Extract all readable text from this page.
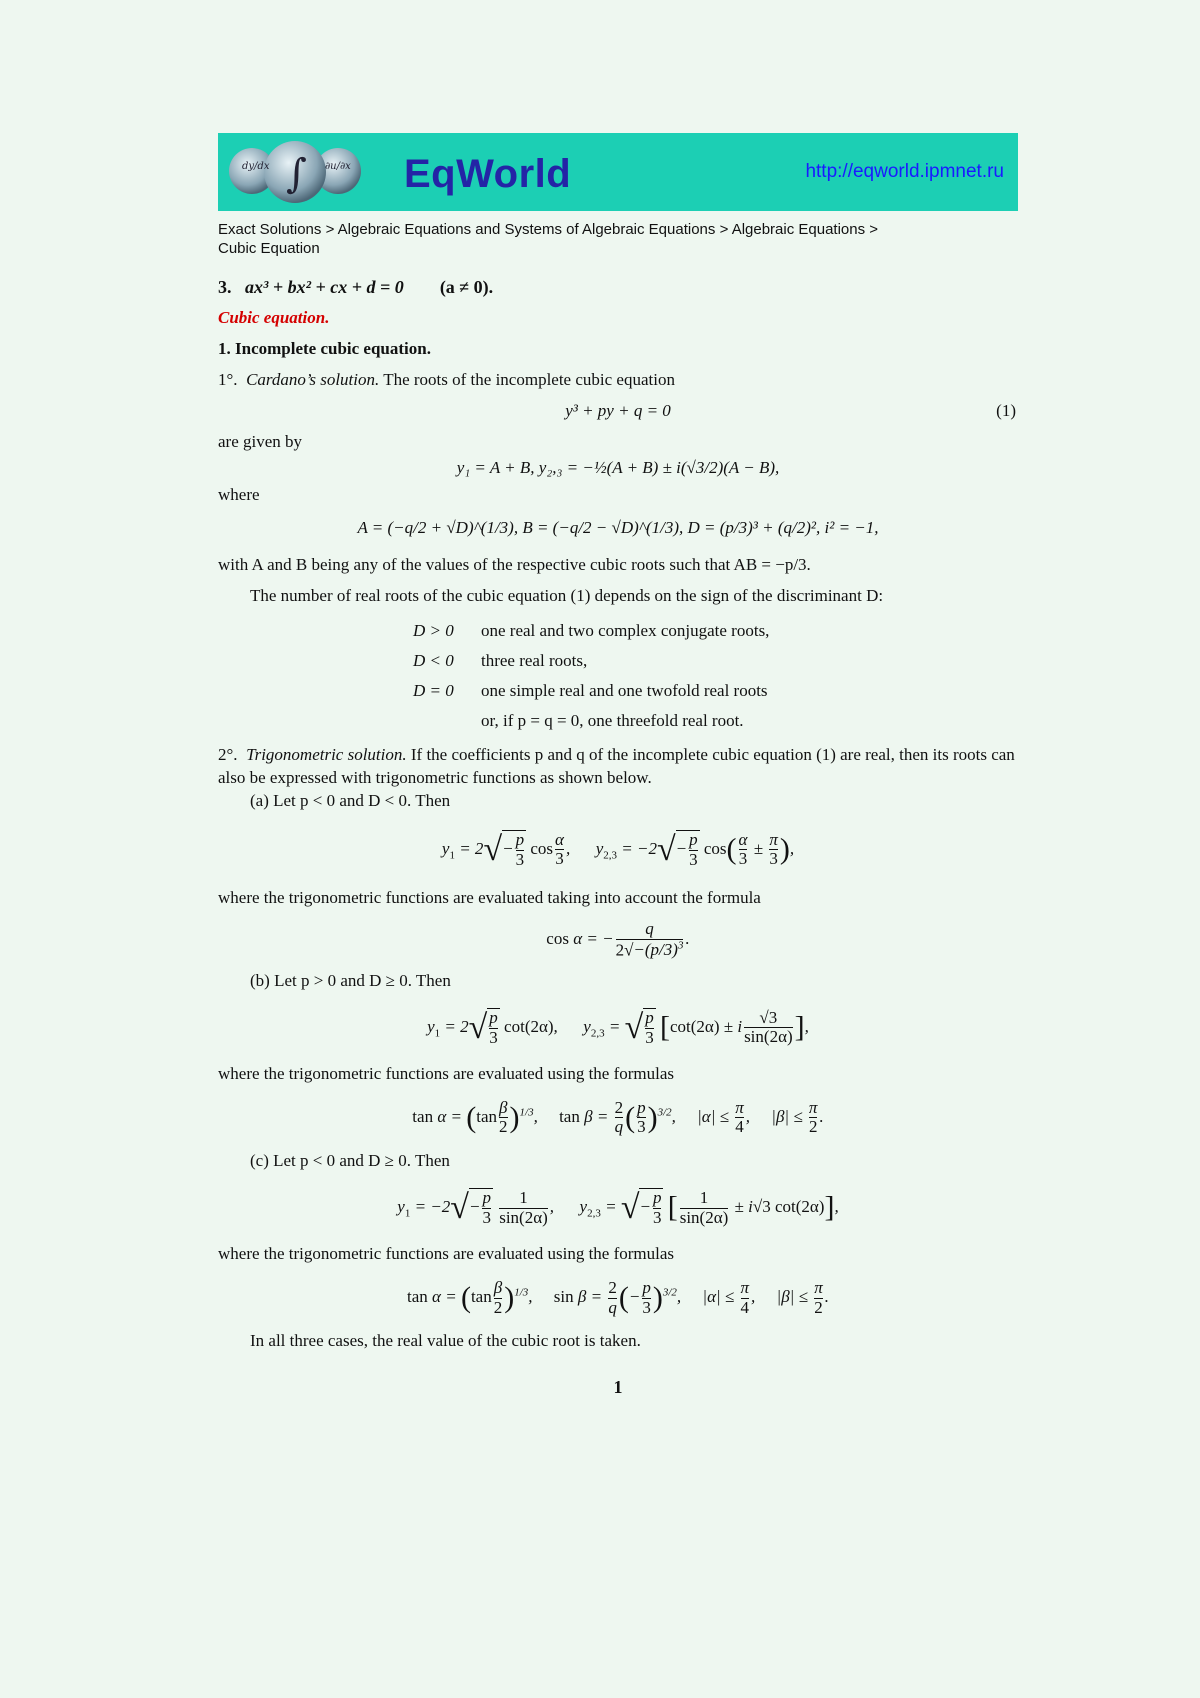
dy/dx ∫ ∂u/∂x EqWorld	http://eqworld.ipmnet.ru
Exact Solutions > Algebraic Equations and Systems of Algebraic Equations > Algebraic Equations >
Cubic Equation
3. ax³ + bx² + cx + d = 0 (a ≠ 0).
Cubic equation.
1. Incomplete cubic equation.
1°. Cardano’s solution. The roots of the incomplete cubic equation
y³ + py + q = 0	(1)
are given by
y₁ = A + B, y₂,₃ = −½(A + B) ± i(√3/2)(A − B),
where
A = (−q/2 + √D)^(1/3), B = (−q/2 − √D)^(1/3), D = (p/3)³ + (q/2)², i² = −1,
with A and B being any of the values of the respective cubic roots such that AB = −p/3.
The number of real roots of the cubic equation (1) depends on the sign of the discriminant D:
D > 0	one real and two complex conjugate roots,
D < 0	three real roots,
D = 0	one simple real and one twofold real roots
or, if p = q = 0, one threefold real root.
2°. Trigonometric solution. If the coefficients p and q of the incomplete cubic equation (1) are real, then its roots can also be expressed with trigonometric functions as shown below.
(a) Let p < 0 and D < 0. Then
$y_1 = 2√- \frac{p}{3}$ $\cos \frac{\alpha}{3}$ ,      $y_{2,3} = -2√- \frac{p}{3} \cos( \frac{\alpha}{3} \pm \frac{\pi}{3}$ ),
where the trigonometric functions are evaluated taking into account the formula
cos α = − $\frac{q}{2√-(p/3)^3}$ .
(b) Let p > 0 and D ≥ 0. Then
$y_1 = 2√ \frac{p}{3} \cot(2\alpha)$,      $y_{2,3}$ = √ $\frac{p}{3} [\cot(2\alpha) \pm i \frac{√3}{\sin(2\alpha)}$ ],
where the trigonometric functions are evaluated using the formulas
$\tan \alpha = (\tan \frac{\beta}{2} )^{1/3}$,     $\tan \beta = \frac{2}{q}$ ( $\frac{p}{3} )^{3/2}$,     $|\alpha| \le \frac{\pi}{4}$ ,     $|\beta| \le \frac{\pi}{2}$ .
(c) Let p < 0 and D ≥ 0. Then
$y_1 = -2√- \frac{p}{3}$
$\frac{1}{\sin(2\alpha)}$ ,      $y_{2,3}$ = √− $\frac{p}{3}$ [ $\frac{1}{\sin(2\alpha)} \pm i√3$ cot(2α)],
where the trigonometric functions are evaluated using the formulas
$\tan \alpha = (\tan \frac{\beta}{2} )^{1/3}$,     $\sin \beta = \frac{2}{q}$ (− $\frac{p}{3} )^{3/2}$,     $|\alpha| \le \frac{\pi}{4}$ ,     $|\beta| \le \frac{\pi}{2}$ .
In all three cases, the real value of the cubic root is taken.
1
